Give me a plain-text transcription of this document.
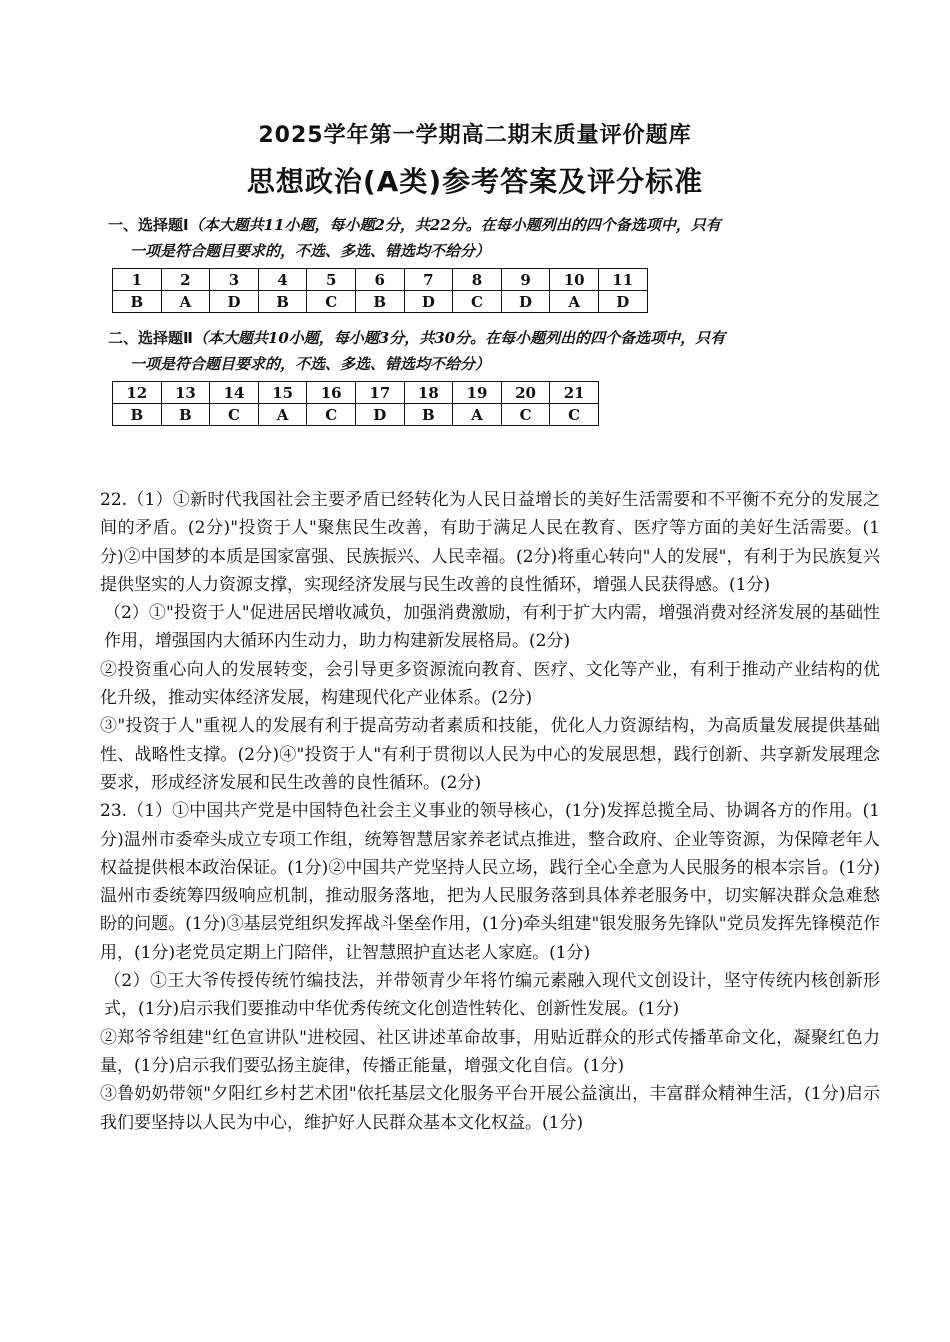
2025学年第一学期高二期末质量评价题库
思想政治(A类)参考答案及评分标准
一、选择题Ⅰ（本大题共11小题，每小题2分，共22分。在每小题列出的四个备选项中，只有
一项是符合题目要求的，不选、多选、错选均不给分）
1	2	3	4	5	6	7	8	9	10	11
B	A	D	B	C	B	D	C	D	A	D
二、选择题Ⅱ（本大题共10小题，每小题3分，共30分。在每小题列出的四个备选项中，只有
一项是符合题目要求的，不选、多选、错选均不给分）
12	13	14	15	16	17	18	19	20	21
B	B	C	A	C	D	B	A	C	C

22.（1）①新时代我国社会主要矛盾已经转化为人民日益增长的美好生活需要和不平衡不充分的发展之间的矛盾。(2分)"投资于人"聚焦民生改善，有助于满足人民在教育、医疗等方面的美好生活需要。(1分)②中国梦的本质是国家富强、民族振兴、人民幸福。(2分)将重心转向"人的发展"，有利于为民族复兴提供坚实的人力资源支撑，实现经济发展与民生改善的良性循环，增强人民获得感。(1分)

（2）①"投资于人"促进居民增收减负，加强消费激励，有利于扩大内需，增强消费对经济发展的基础性作用，增强国内大循环内生动力，助力构建新发展格局。(2分)

②投资重心向人的发展转变，会引导更多资源流向教育、医疗、文化等产业，有利于推动产业结构的优化升级，推动实体经济发展，构建现代化产业体系。(2分)

③"投资于人"重视人的发展有利于提高劳动者素质和技能，优化人力资源结构，为高质量发展提供基础性、战略性支撑。(2分)④"投资于人"有利于贯彻以人民为中心的发展思想，践行创新、共享新发展理念要求，形成经济发展和民生改善的良性循环。(2分)

23.（1）①中国共产党是中国特色社会主义事业的领导核心，(1分)发挥总揽全局、协调各方的作用。(1分)温州市委牵头成立专项工作组，统筹智慧居家养老试点推进，整合政府、企业等资源，为保障老年人权益提供根本政治保证。(1分)②中国共产党坚持人民立场，践行全心全意为人民服务的根本宗旨。(1分)温州市委统筹四级响应机制，推动服务落地，把为人民服务落到具体养老服务中，切实解决群众急难愁盼的问题。(1分)③基层党组织发挥战斗堡垒作用，(1分)牵头组建"银发服务先锋队"党员发挥先锋模范作用，(1分)老党员定期上门陪伴，让智慧照护直达老人家庭。(1分)

（2）①王大爷传授传统竹编技法，并带领青少年将竹编元素融入现代文创设计，坚守传统内核创新形式，(1分)启示我们要推动中华优秀传统文化创造性转化、创新性发展。(1分)

②郑爷爷组建"红色宣讲队"进校园、社区讲述革命故事，用贴近群众的形式传播革命文化，凝聚红色力量，(1分)启示我们要弘扬主旋律，传播正能量，增强文化自信。(1分)

③鲁奶奶带领"夕阳红乡村艺术团"依托基层文化服务平台开展公益演出，丰富群众精神生活，(1分)启示我们要坚持以人民为中心，维护好人民群众基本文化权益。(1分)
